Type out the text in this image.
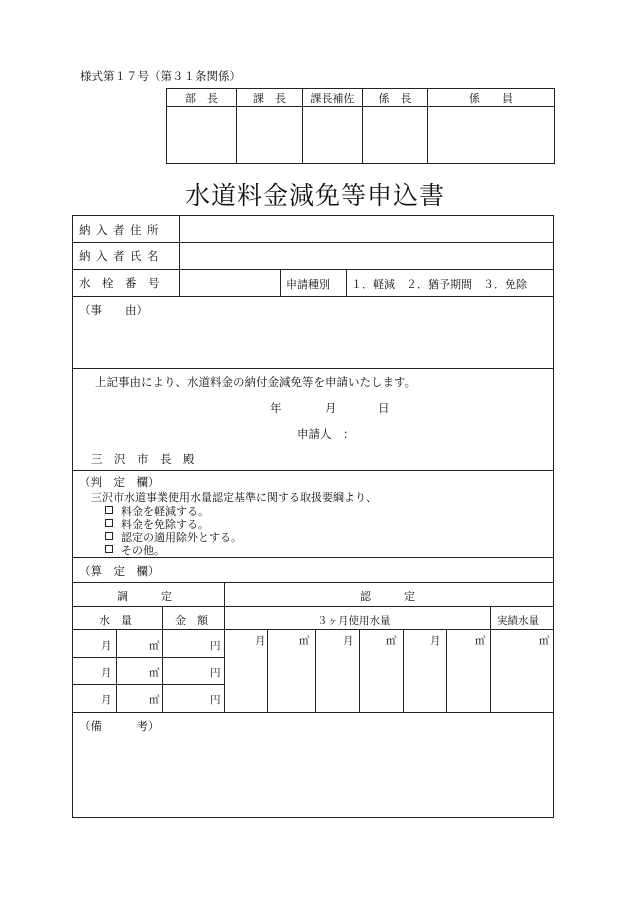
様式第１７号（第３１条関係）
部　長	課　長	課長補佐	係　長	係　　員

水道料金減免等申込書
納入者住所
納入者氏名
水　栓　番　号	申請種別 １．軽減　２．猶予期間　３．免除
（事　　由）
上記事由により、水道料金の納付金減免等を申請いたします。
年	月	日
申請人　：
三　沢　市　長　殿
（判　定　欄）
三沢市水道事業使用水量認定基準に関する取扱要綱より、
料金を軽減する。
料金を免除する。
認定の適用除外とする。
その他。
（算　定　欄）
調　　　定	認　　　定
水　量	金　額	３ヶ月使用水量	実績水量
月	㎥	円
月	㎥	円
月	㎥	円
月	㎥	月	㎥	月	㎥	㎥
（備　　　考）
